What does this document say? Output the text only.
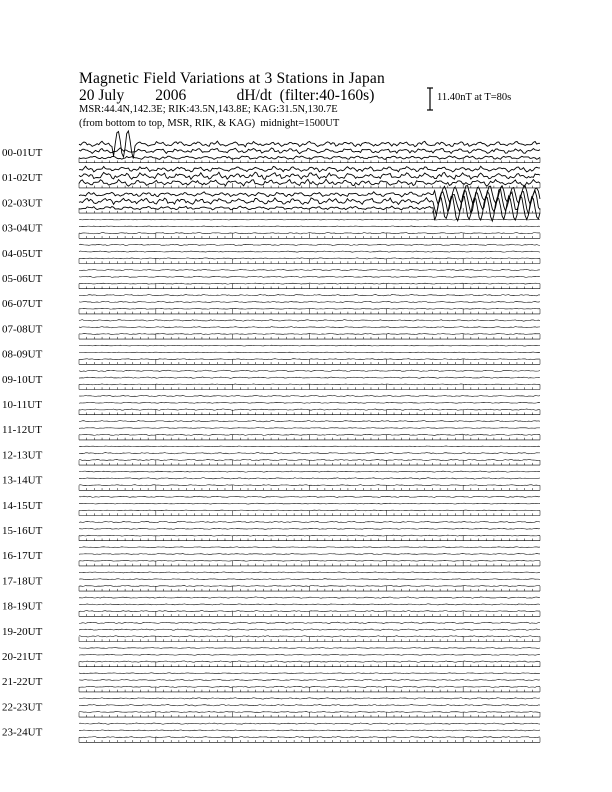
Magnetic Field Variations at 3 Stations in Japan
20 July 2006	dH/dt (filter:40-160s)
MSR:44.4N,142.3E; RIK:43.5N,143.8E; KAG:31.5N,130.7E
(from bottom to top, MSR, RIK, & KAG) midnight=1500UT
11.40nT at T=80s
00-01UT
01-02UT
02-03UT
03-04UT
04-05UT
05-06UT
06-07UT
07-08UT
08-09UT
09-10UT
10-11UT
11-12UT
12-13UT
13-14UT
14-15UT
15-16UT
16-17UT
17-18UT
18-19UT
19-20UT
20-21UT
21-22UT
22-23UT
23-24UT
